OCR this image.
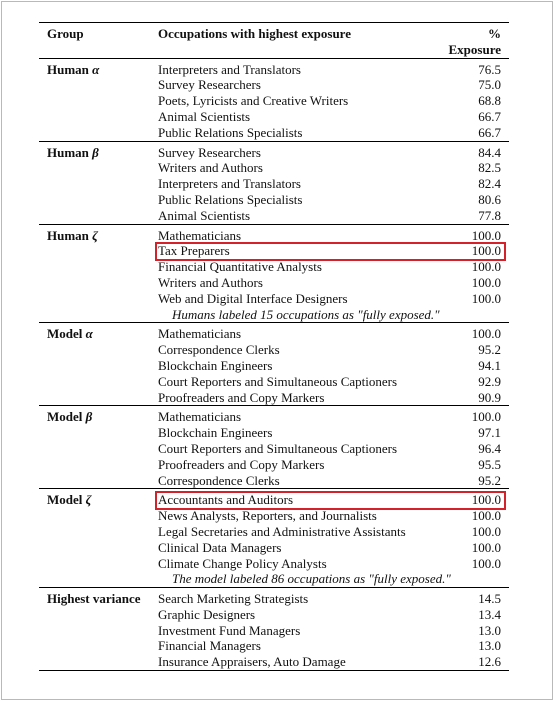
Group	Occupations with highest exposure	% Exposure

Human α	Interpreters and Translators	76.5
	Survey Researchers	75.0
	Poets, Lyricists and Creative Writers	68.8
	Animal Scientists	66.7
	Public Relations Specialists	66.7

Human β	Survey Researchers	84.4
	Writers and Authors	82.5
	Interpreters and Translators	82.4
	Public Relations Specialists	80.6
	Animal Scientists	77.8

Human ζ	Mathematicians	100.0
	Tax Preparers	100.0
	Financial Quantitative Analysts	100.0
	Writers and Authors	100.0
	Web and Digital Interface Designers	100.0
	Humans labeled 15 occupations as "fully exposed."	

Model α	Mathematicians	100.0
	Correspondence Clerks	95.2
	Blockchain Engineers	94.1
	Court Reporters and Simultaneous Captioners	92.9
	Proofreaders and Copy Markers	90.9

Model β	Mathematicians	100.0
	Blockchain Engineers	97.1
	Court Reporters and Simultaneous Captioners	96.4
	Proofreaders and Copy Markers	95.5
	Correspondence Clerks	95.2

Model ζ	Accountants and Auditors	100.0
	News Analysts, Reporters, and Journalists	100.0
	Legal Secretaries and Administrative Assistants	100.0
	Clinical Data Managers	100.0
	Climate Change Policy Analysts	100.0
	The model labeled 86 occupations as "fully exposed."	

Highest variance	Search Marketing Strategists	14.5
	Graphic Designers	13.4
	Investment Fund Managers	13.0
	Financial Managers	13.0
	Insurance Appraisers, Auto Damage	12.6
